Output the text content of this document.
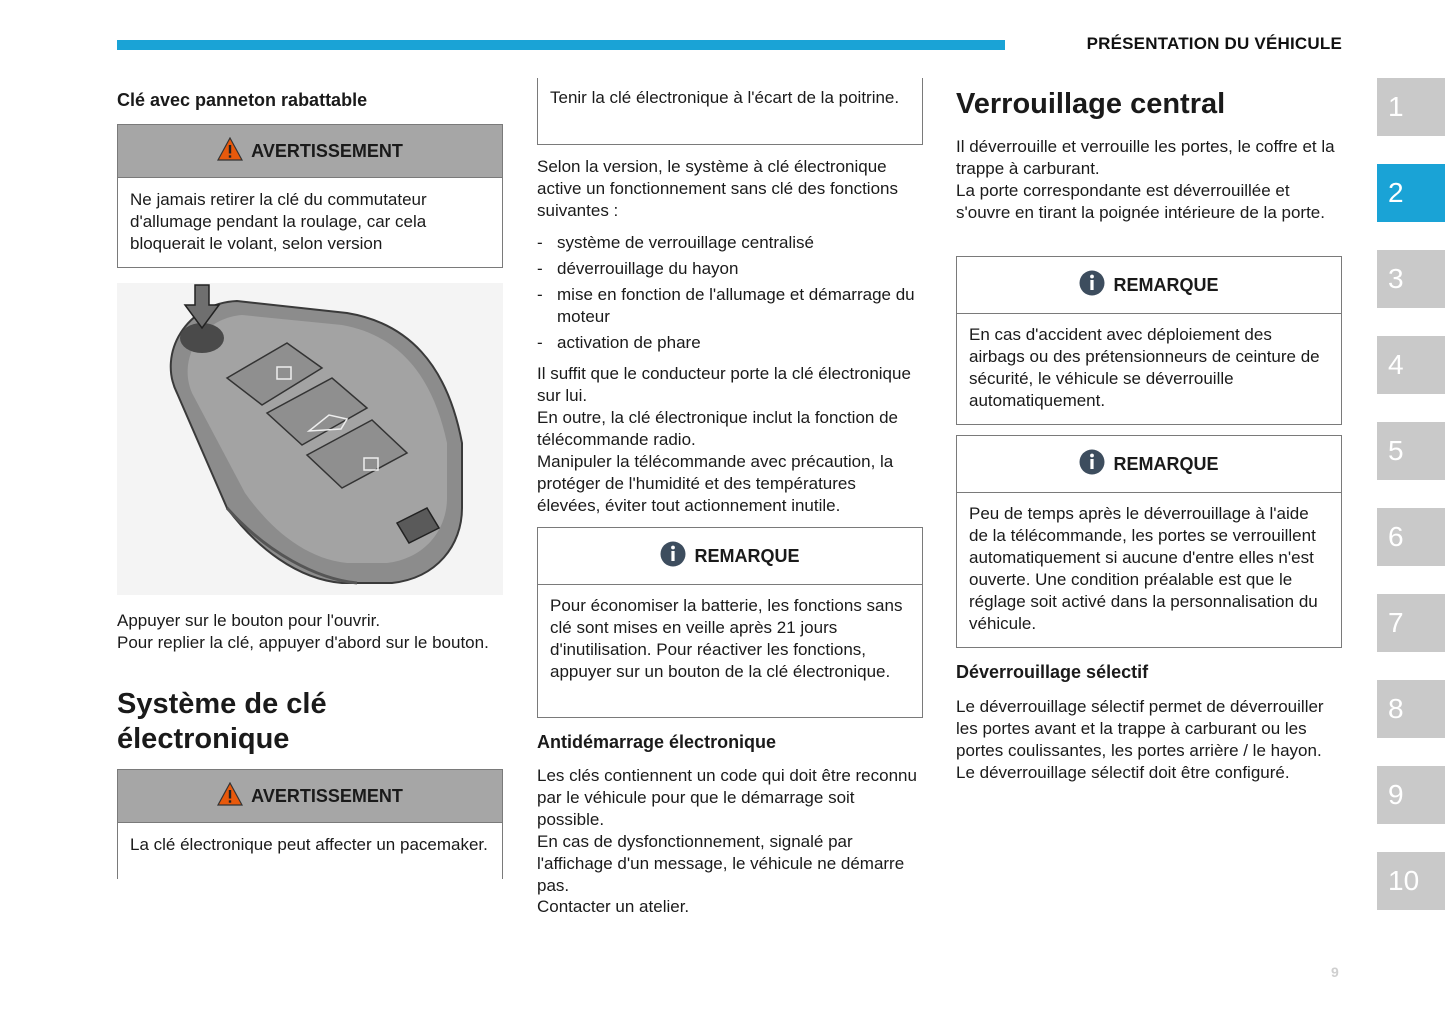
PRÉSENTATION DU VÉHICULE

Clé avec panneton rabattable

AVERTISSEMENT
Ne jamais retirer la clé du commutateur d'allumage pendant la roulage, car cela bloquerait le volant, selon version

Appuyer sur le bouton pour l'ouvrir.

Pour replier la clé, appuyer d'abord sur le bouton.

Système de clé électronique

AVERTISSEMENT
La clé électronique peut affecter un pacemaker.
Tenir la clé électronique à l'écart de la poitrine.

Selon la version, le système à clé électronique active un fonctionnement sans clé des fonctions suivantes :

- système de verrouillage centralisé
- déverrouillage du hayon
- mise en fonction de l'allumage et démarrage du moteur
- activation de phare

Il suffit que le conducteur porte la clé électronique sur lui.

En outre, la clé électronique inclut la fonction de télécommande radio.

Manipuler la télécommande avec précaution, la protéger de l'humidité et des températures élevées, éviter tout actionnement inutile.

REMARQUE
Pour économiser la batterie, les fonctions sans clé sont mises en veille après 21 jours d'inutilisation. Pour réactiver les fonctions, appuyer sur un bouton de la clé électronique.

Antidémarrage électronique

Les clés contiennent un code qui doit être reconnu par le véhicule pour que le démarrage soit possible.

En cas de dysfonctionnement, signalé par l'affichage d'un message, le véhicule ne démarre pas.

Contacter un atelier.

Verrouillage central

Il déverrouille et verrouille les portes, le coffre et la trappe à carburant.

La porte correspondante est déverrouillée et s'ouvre en tirant la poignée intérieure de la porte.

REMARQUE
En cas d'accident avec déploiement des airbags ou des prétensionneurs de ceinture de sécurité, le véhicule se déverrouille automatiquement.
REMARQUE
Peu de temps après le déverrouillage à l'aide de la télécommande, les portes se verrouillent automatiquement si aucune d'entre elles n'est ouverte. Une condition préalable est que le réglage soit activé dans la personnalisation du véhicule.

Déverrouillage sélectif

Le déverrouillage sélectif permet de déverrouiller les portes avant et la trappe à carburant ou les portes coulissantes, les portes arrière / le hayon. Le déverrouillage sélectif doit être configuré.

1
2
3
4
5
6
7
8
9
10
9
